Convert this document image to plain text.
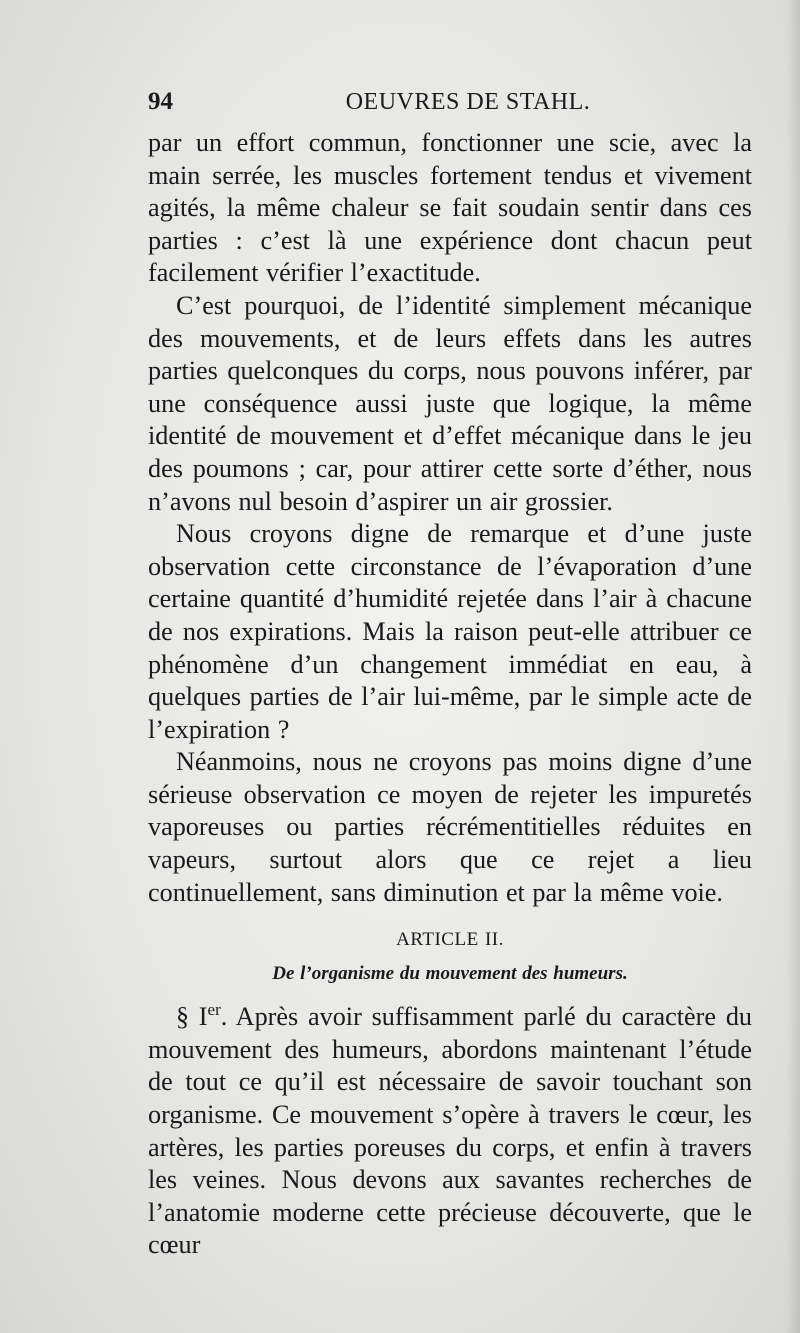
94	OEUVRES DE STAHL.

par un effort commun, fonctionner une scie, avec la main serrée, les muscles fortement tendus et vivement agités, la même chaleur se fait soudain sentir dans ces parties : c’est là une expérience dont chacun peut facilement vérifier l’exactitude.

C’est pourquoi, de l’identité simplement mécanique des mouvements, et de leurs effets dans les autres parties quelconques du corps, nous pouvons inférer, par une conséquence aussi juste que logique, la même identité de mouvement et d’effet mécanique dans le jeu des poumons ; car, pour attirer cette sorte d’éther, nous n’avons nul besoin d’aspirer un air grossier.

Nous croyons digne de remarque et d’une juste observation cette circonstance de l’évaporation d’une certaine quantité d’humidité rejetée dans l’air à chacune de nos expirations. Mais la raison peut-elle attribuer ce phénomène d’un changement immédiat en eau, à quelques parties de l’air lui-même, par le simple acte de l’expiration ?

Néanmoins, nous ne croyons pas moins digne d’une sérieuse observation ce moyen de rejeter les impuretés vaporeuses ou parties récrémentitielles réduites en vapeurs, surtout alors que ce rejet a lieu continuellement, sans diminution et par la même voie.

ARTICLE II.
De l’organisme du mouvement des humeurs.

§ Ier. Après avoir suffisamment parlé du caractère du mouvement des humeurs, abordons maintenant l’étude de tout ce qu’il est nécessaire de savoir touchant son organisme. Ce mouvement s’opère à travers le cœur, les artères, les parties poreuses du corps, et enfin à travers les veines. Nous devons aux savantes recherches de l’anatomie moderne cette précieuse découverte, que le cœur
